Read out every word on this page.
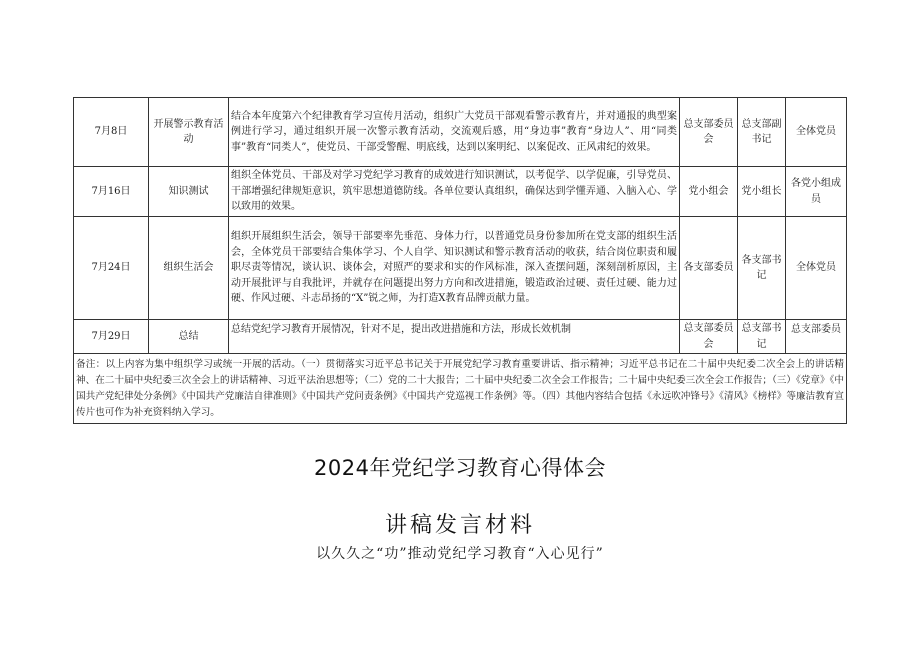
7月8日	开展警示教育活动	结合本年度第六个纪律教育学习宣传月活动，组织广大党员干部观看警示教育片，并对通报的典型案例进行学习，通过组织开展一次警示教育活动，交流观后感，用“身边事”教育“身边人”、用“同类事”教育“同类人”，使党员、干部受警醒、明底线，达到以案明纪、以案促改、正风肃纪的效果。	总支部委员会	总支部副书记	全体党员
7月16日	知识测试	组织全体党员、干部及对学习党纪学习教育的成效进行知识测试，以考促学、以学促廉，引导党员、干部增强纪律规矩意识，筑牢思想道德防线。各单位要认真组织，确保达到学懂弄通、入脑入心、学以致用的效果。	党小组会	党小组长	各党小组成员
7月24日	组织生活会	组织开展组织生活会，领导干部要率先垂范、身体力行，以普通党员身份参加所在党支部的组织生活会，全体党员干部要结合集体学习、个人自学、知识测试和警示教育活动的收获，结合岗位职责和履职尽责等情况，谈认识、谈体会，对照严的要求和实的作风标准，深入查摆问题，深刻剖析原因，主动开展批评与自我批评，并就存在问题提出努力方向和改进措施，锻造政治过硬、责任过硬、能力过硬、作风过硬、斗志昂扬的“X”锐之师，为打造X教育品牌贡献力量。	各支部委员	各支部书记	全体党员
7月29日	总结	总结党纪学习教育开展情况，针对不足，提出改进措施和方法，形成长效机制	总支部委员会	总支部书记	总支部委员
备注：以上内容为集中组织学习或统一开展的活动。（一）贯彻落实习近平总书记关于开展党纪学习教育重要讲话、指示精神；习近平总书记在二十届中央纪委二次全会上的讲话精神、在二十届中央纪委三次全会上的讲话精神、习近平法治思想等；（二）党的二十大报告；二十届中央纪委二次全会工作报告；二十届中央纪委三次全会工作报告；（三）《党章》《中国共产党纪律处分条例》《中国共产党廉洁自律准则》《中国共产党问责条例》《中国共产党巡视工作条例》等。（四）其他内容结合包括《永远吹冲锋号》《清风》《榜样》等廉洁教育宣传片也可作为补充资料纳入学习。					
2024年党纪学习教育心得体会
讲稿发言材料
以久久之“功”推动党纪学习教育“入心见行”
